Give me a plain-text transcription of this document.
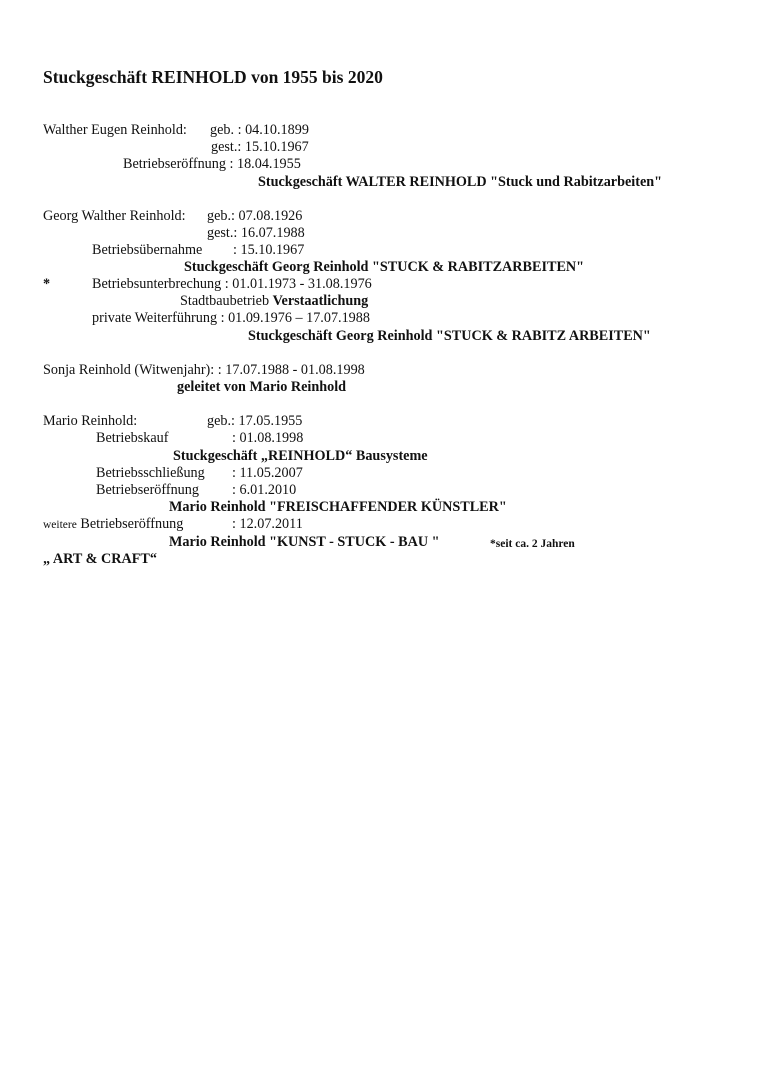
Stuckgeschäft REINHOLD von 1955 bis 2020
Walther Eugen Reinhold: geb. : 04.10.1899
gest.: 15.10.1967
Betriebseröffnung : 18.04.1955
Stuckgeschäft WALTER REINHOLD "Stuck und Rabitzarbeiten"
Georg Walther Reinhold: geb.: 07.08.1926
gest.: 16.07.1988
Betriebsübernahme : 15.10.1967
Stuckgeschäft Georg Reinhold "STUCK & RABITZARBEITEN"
*	Betriebsunterbrechung : 01.01.1973 - 31.08.1976
Stadtbaubetrieb Verstaatlichung
private Weiterführung : 01.09.1976 – 17.07.1988
Stuckgeschäft Georg Reinhold "STUCK & RABITZ ARBEITEN"
Sonja Reinhold (Witwenjahr): : 17.07.1988 - 01.08.1998
geleitet von Mario Reinhold
Mario Reinhold:	geb.: 17.05.1955
Betriebskauf	: 01.08.1998
Stuckgeschäft „REINHOLD“ Bausysteme
Betriebsschließung : 11.05.2007
Betriebseröffnung : 6.01.2010
Mario Reinhold "FREISCHAFFENDER KÜNSTLER"
weitere Betriebseröffnung	: 12.07.2011
Mario Reinhold "KUNST - STUCK - BAU "	*seit ca. 2 Jahren
„ ART & CRAFT“
